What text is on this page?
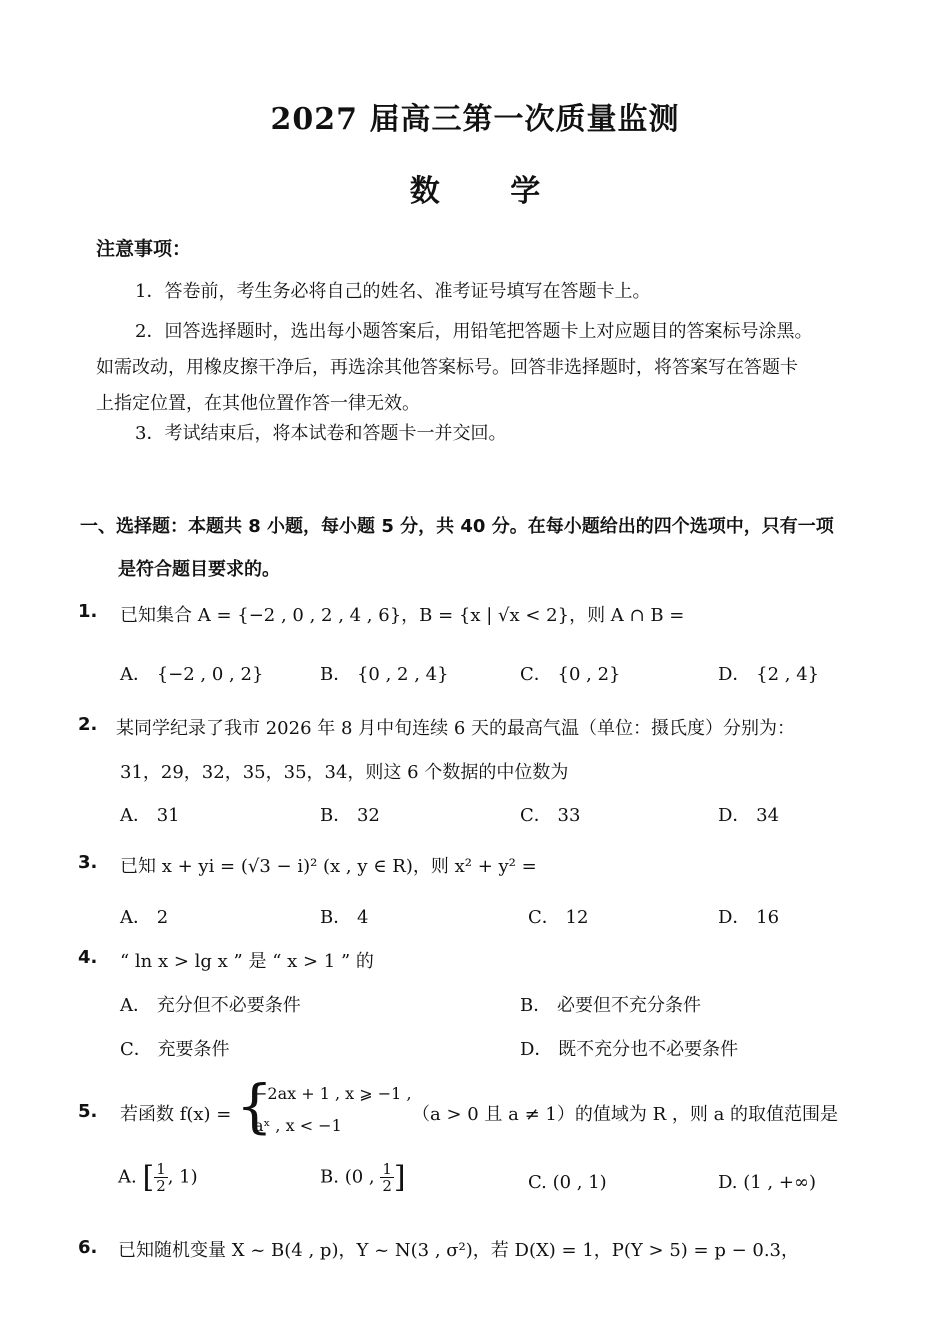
2027 届高三第一次质量监测
数 学
注意事项：
1．答卷前，考生务必将自己的姓名、准考证号填写在答题卡上。
2．回答选择题时，选出每小题答案后，用铅笔把答题卡上对应题目的答案标号涂黑。
如需改动，用橡皮擦干净后，再选涂其他答案标号。回答非选择题时，将答案写在答题卡
上指定位置，在其他位置作答一律无效。
3．考试结束后，将本试卷和答题卡一并交回。
一、选择题：本题共 8 小题，每小题 5 分，共 40 分。在每小题给出的四个选项中，只有一项
是符合题目要求的。
1. 已知集合 A = {−2 , 0 , 2 , 4 , 6}，B = {x | √x < 2}，则 A ∩ B =
A． {−2 , 0 , 2}	B． {0 , 2 , 4}	C． {0 , 2}	D． {2 , 4}
2. 某同学纪录了我市 2026 年 8 月中旬连续 6 天的最高气温（单位：摄氏度）分别为：
31，29，32，35，35，34，则这 6 个数据的中位数为
A． 31	B． 32	C． 33	D． 34
3. 已知 x + yi = (√3 − i)² (x , y ∈ R)，则 x² + y² =
A． 2	B． 4	C． 12	D． 16
4. “ ln x > lg x ” 是 “ x > 1 ” 的
A． 充分但不必要条件	B． 必要但不充分条件
C． 充要条件	D． 既不充分也不必要条件
5. 若函数 f(x) = {
−2ax + 1 , x ⩾ −1 ,
aˣ , x < −1
（a > 0 且 a ≠ 1）的值域为 R ，则 a 的取值范围是
A. [ $\frac{1}{2}$ , 1)	B. (0 , $\frac{1}{2}$ ]	C. (0 , 1)	D. (1 , +∞)
6. 已知随机变量 X ~ B(4 , p)，Y ~ N(3 , σ²)，若 D(X) = 1，P(Y > 5) = p − 0.3，
